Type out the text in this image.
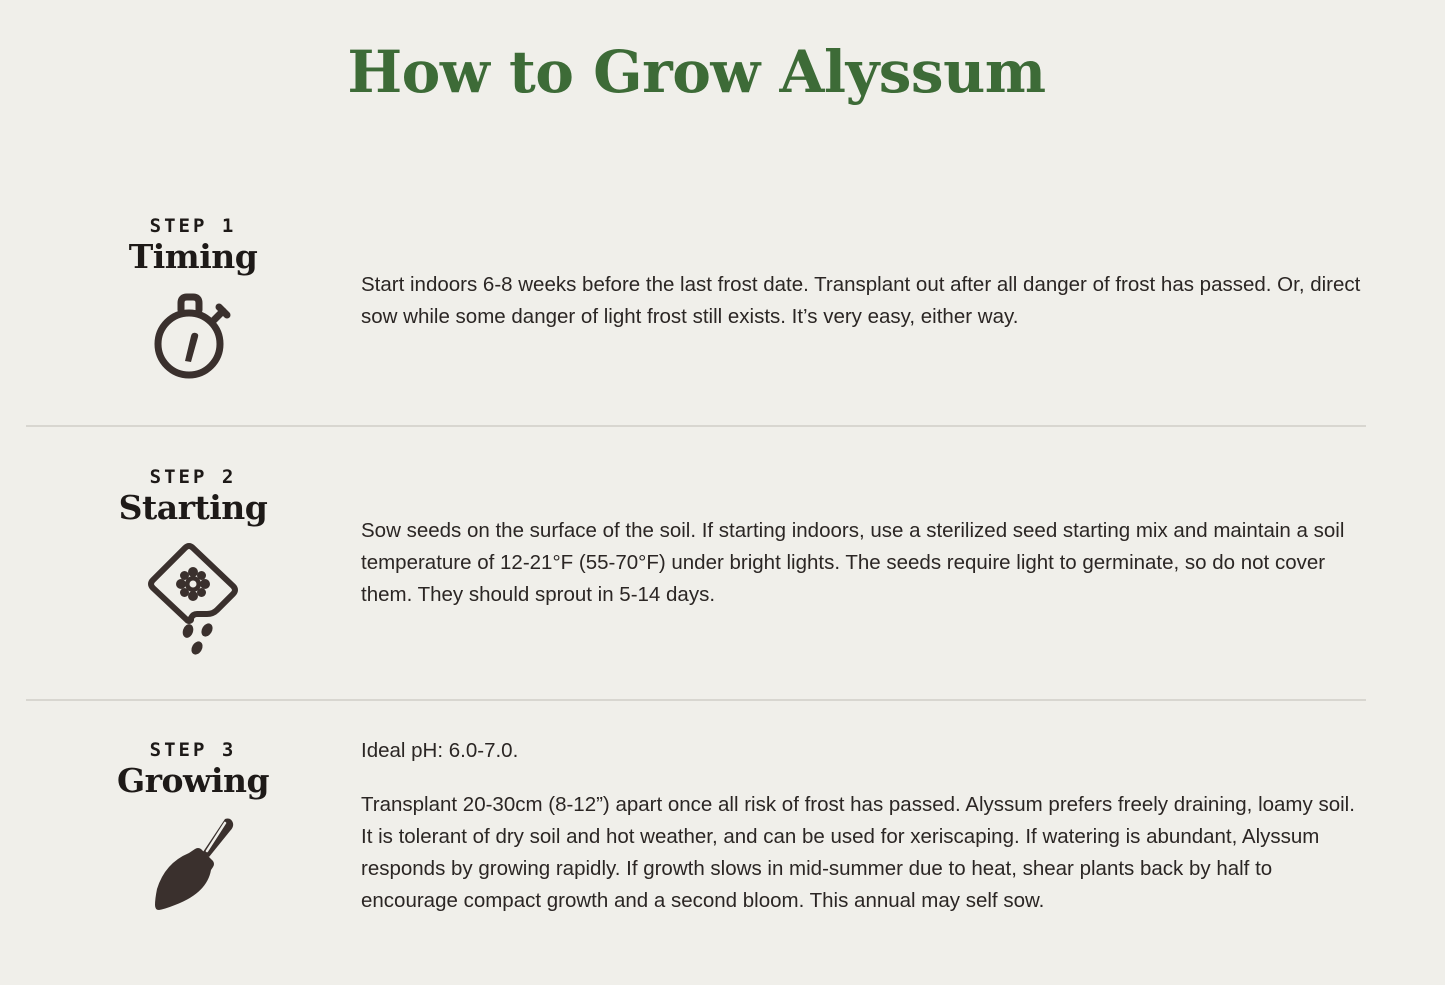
How to Grow Alyssum
STEP 1
Timing

Start indoors 6-8 weeks before the last frost date. Transplant out after all danger of frost has passed. Or, direct sow while some danger of light frost still exists. It’s very easy, either way.

STEP 2
Starting

Sow seeds on the surface of the soil. If starting indoors, use a sterilized seed starting mix and maintain a soil temperature of 12-21°F (55-70°F) under bright lights. The seeds require light to germinate, so do not cover them. They should sprout in 5-14 days.

STEP 3
Growing

Ideal pH: 6.0-7.0.

Transplant 20-30cm (8-12”) apart once all risk of frost has passed. Alyssum prefers freely draining, loamy soil. It is tolerant of dry soil and hot weather, and can be used for xeriscaping. If watering is abundant, Alyssum responds by growing rapidly. If growth slows in mid-summer due to heat, shear plants back by half to encourage compact growth and a second bloom. This annual may self sow.
